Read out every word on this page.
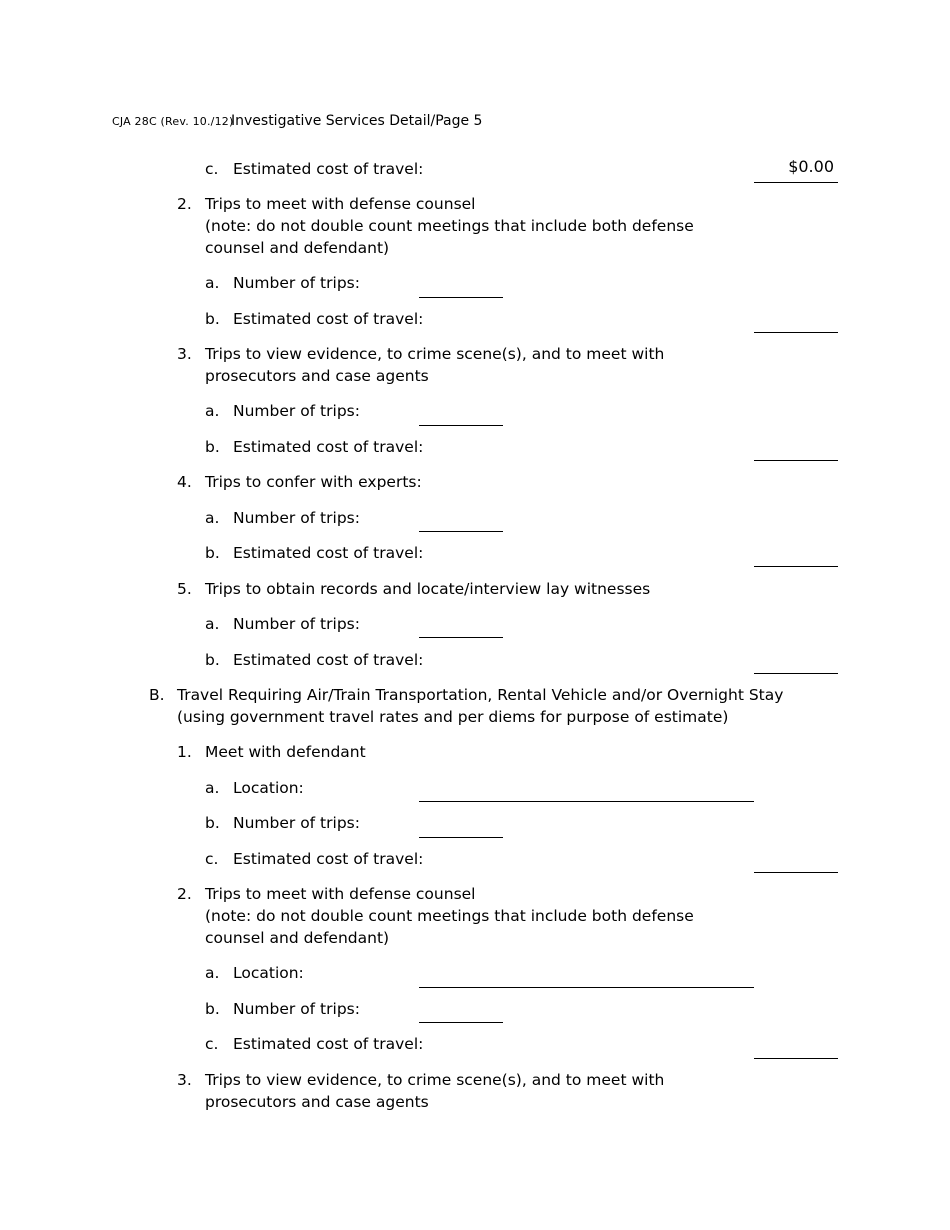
CJA 28C (Rev. 10./12)
Investigative Services Detail/Page 5
c. Estimated cost of travel:	$0.00
2. Trips to meet with defense counsel
(note: do not double count meetings that include both defense
counsel and defendant)
a. Number of trips:
b. Estimated cost of travel:
3. Trips to view evidence, to crime scene(s), and to meet with
prosecutors and case agents
a. Number of trips:
b. Estimated cost of travel:
4. Trips to confer with experts:
a. Number of trips:
b. Estimated cost of travel:
5. Trips to obtain records and locate/interview lay witnesses
a. Number of trips:
b. Estimated cost of travel:
B. Travel Requiring Air/Train Transportation, Rental Vehicle and/or Overnight Stay
(using government travel rates and per diems for purpose of estimate)
1. Meet with defendant
a. Location:
b. Number of trips:
c. Estimated cost of travel:
2. Trips to meet with defense counsel
(note: do not double count meetings that include both defense
counsel and defendant)
a. Location:
b. Number of trips:
c. Estimated cost of travel:
3. Trips to view evidence, to crime scene(s), and to meet with
prosecutors and case agents
